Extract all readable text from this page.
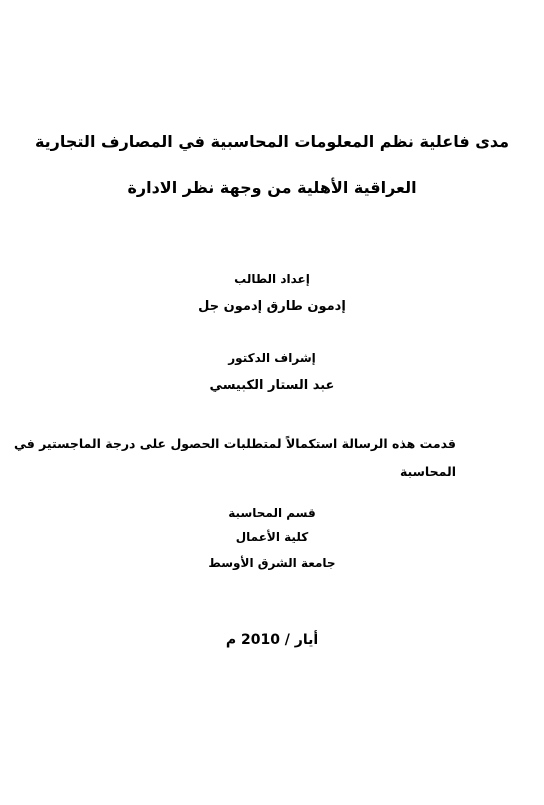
مدى فاعلية نظم المعلومات المحاسبية في المصارف التجارية
العراقية الأهلية من وجهة نظر الادارة
إعداد الطالب
إدمون طارق إدمون جل
إشراف الدكتور
عبد الستار الكبيسي
قدمت هذه الرسالة استكمالاً لمتطلبات الحصول على درجة الماجستير في
المحاسبة
قسم المحاسبة
كلية الأعمال
جامعة الشرق الأوسط
أيار / 2010 م
